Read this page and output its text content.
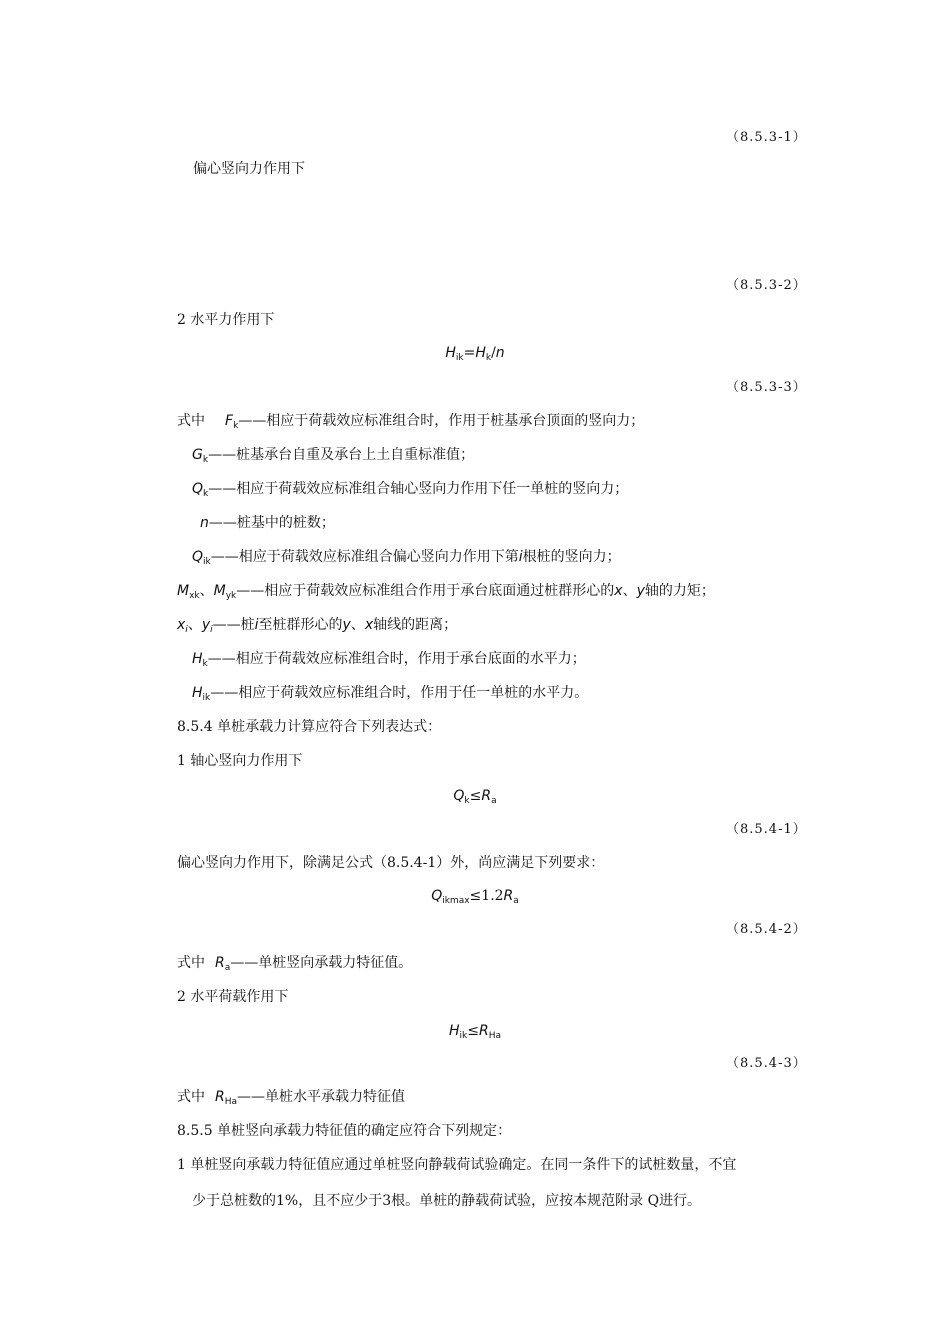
（8.5.3-1）
偏心竖向力作用下
（8.5.3-2）
2 水平力作用下
$H_{ik}=H_k/n$
（8.5.3-3）
式中 $F_k——$相应于荷载效应标准组合时，作用于桩基承台顶面的竖向力；
$G_k——$桩基承台自重及承台上土自重标准值；
$Q_k——$相应于荷载效应标准组合轴心竖向力作用下任一单桩的竖向力；
n——桩基中的桩数；
$Q_{ik}——$相应于荷载效应标准组合偏心竖向力作用下第i根桩的竖向力；
$M_{xk}$、$M_{yk}——$相应于荷载效应标准组合作用于承台底面通过桩群形心的x、y轴的力矩；
$x_i$、$y_i——$桩i至桩群形心的y、x轴线的距离；
$H_k——$相应于荷载效应标准组合时，作用于承台底面的水平力；
$H_{ik}——$相应于荷载效应标准组合时，作用于任一单桩的水平力。
8.5.4 单桩承载力计算应符合下列表达式：
1 轴心竖向力作用下
$Q_k\le R_a$
（8.5.4-1）
偏心竖向力作用下，除满足公式（8.5.4-1）外，尚应满足下列要求：
$Q_{ikmax}\le 1.2R_a$
（8.5.4-2）
式中 $R_a——$单桩竖向承载力特征值。
2 水平荷载作用下
$H_{ik}\le R_{Ha}$
（8.5.4-3）
式中 $R_{Ha}——$单桩水平承载力特征值
8.5.5 单桩竖向承载力特征值的确定应符合下列规定：
1 单桩竖向承载力特征值应通过单桩竖向静载荷试验确定。在同一条件下的试桩数量，不宜
少于总桩数的1%，且不应少于3根。单桩的静载荷试验，应按本规范附录 Q进行。
